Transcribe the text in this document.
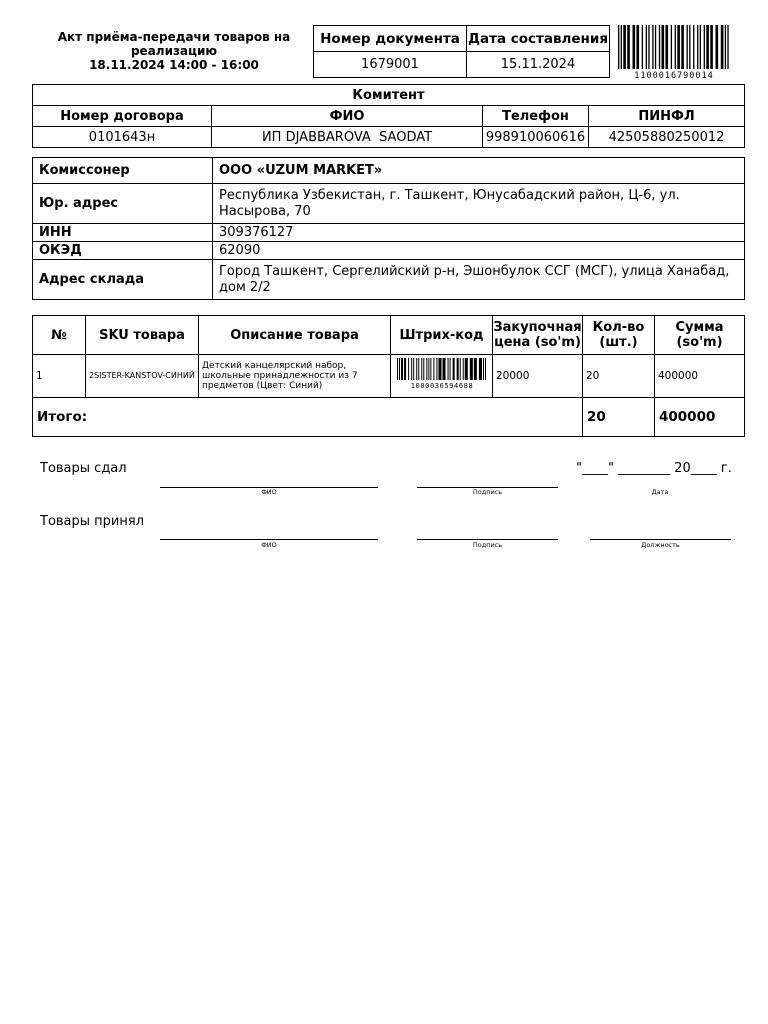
Акт приёма-передачи товаров на
реализацию
18.11.2024 14:00 - 16:00
Номер документа	Дата составления
1679001	15.11.2024
1100016790014
Комитент			
Номер договора	ФИО	Телефон	ПИНФЛ
0101643н	ИП DJABBAROVA  SAODAT	998910060616	42505880250012
Комиссонер	ООО «UZUM MARKET»
Юр. адрес	Республика Узбекистан, г. Ташкент, Юнусабадский район, Ц-6, ул. Насырова, 70
ИНН	309376127
ОКЭД	62090
Адрес склада	Город Ташкент, Сергелийский р-н, Эшонбулок ССГ (МСГ), улица Ханабад, дом 2/2
№	SKU товара	Описание товара	Штрих-код	Закупочная цена (so'm)	Кол-во (шт.)	Сумма (so'm)
1	2SISTER-KANSTOV-СИНИЙ	Детский канцелярский набор, школьные принадлежности из 7 предметов (Цвет: Синий)	1000036594688	20000	20	400000
Итого:					20	400000
Товары сдал	"____" ________ 20____ г.
ФИО	Подпись	Дата
Товары принял
ФИО	Подпись	Должность
